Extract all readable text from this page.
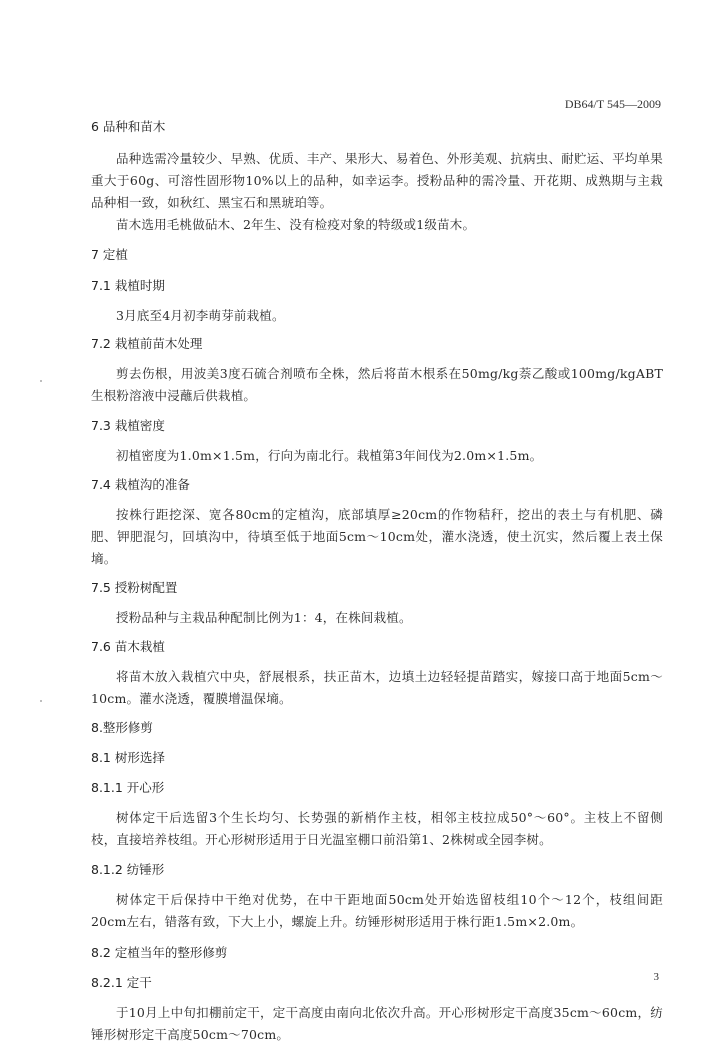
DB64/T 545—2009
6 品种和苗木
品种选需冷量较少、早熟、优质、丰产、果形大、易着色、外形美观、抗病虫、耐贮运、平均单果重大于60g、可溶性固形物10%以上的品种，如幸运李。授粉品种的需冷量、开花期、成熟期与主栽品种相一致，如秋红、黑宝石和黑琥珀等。
苗木选用毛桃做砧木、2年生、没有检疫对象的特级或1级苗木。
7 定植
7.1 栽植时期
3月底至4月初李萌芽前栽植。
7.2 栽植前苗木处理
剪去伤根，用波美3度石硫合剂喷布全株，然后将苗木根系在50mg/kg萘乙酸或100mg/kgABT生根粉溶液中浸蘸后供栽植。
7.3 栽植密度
初植密度为1.0m×1.5m，行向为南北行。栽植第3年间伐为2.0m×1.5m。
7.4 栽植沟的准备
按株行距挖深、宽各80cm的定植沟，底部填厚≥20cm的作物秸秆，挖出的表土与有机肥、磷肥、钾肥混匀，回填沟中，待填至低于地面5cm～10cm处，灌水浇透，使土沉实，然后覆上表土保墒。
7.5 授粉树配置
授粉品种与主栽品种配制比例为1：4，在株间栽植。
7.6 苗木栽植
将苗木放入栽植穴中央，舒展根系，扶正苗木，边填土边轻轻提苗踏实，嫁接口高于地面5cm～10cm。灌水浇透，覆膜增温保墒。
8.整形修剪
8.1 树形选择
8.1.1 开心形
树体定干后选留3个生长均匀、长势强的新梢作主枝，相邻主枝拉成50°～60°。主枝上不留侧枝，直接培养枝组。开心形树形适用于日光温室棚口前沿第1、2株树或全园李树。
8.1.2 纺锤形
树体定干后保持中干绝对优势，在中干距地面50cm处开始选留枝组10个～12个，枝组间距20cm左右，错落有致，下大上小，螺旋上升。纺锤形树形适用于株行距1.5m×2.0m。
8.2 定植当年的整形修剪
8.2.1 定干
于10月上中旬扣棚前定干，定干高度由南向北依次升高。开心形树形定干高度35cm～60cm，纺锤形树形定干高度50cm～70cm。
3
